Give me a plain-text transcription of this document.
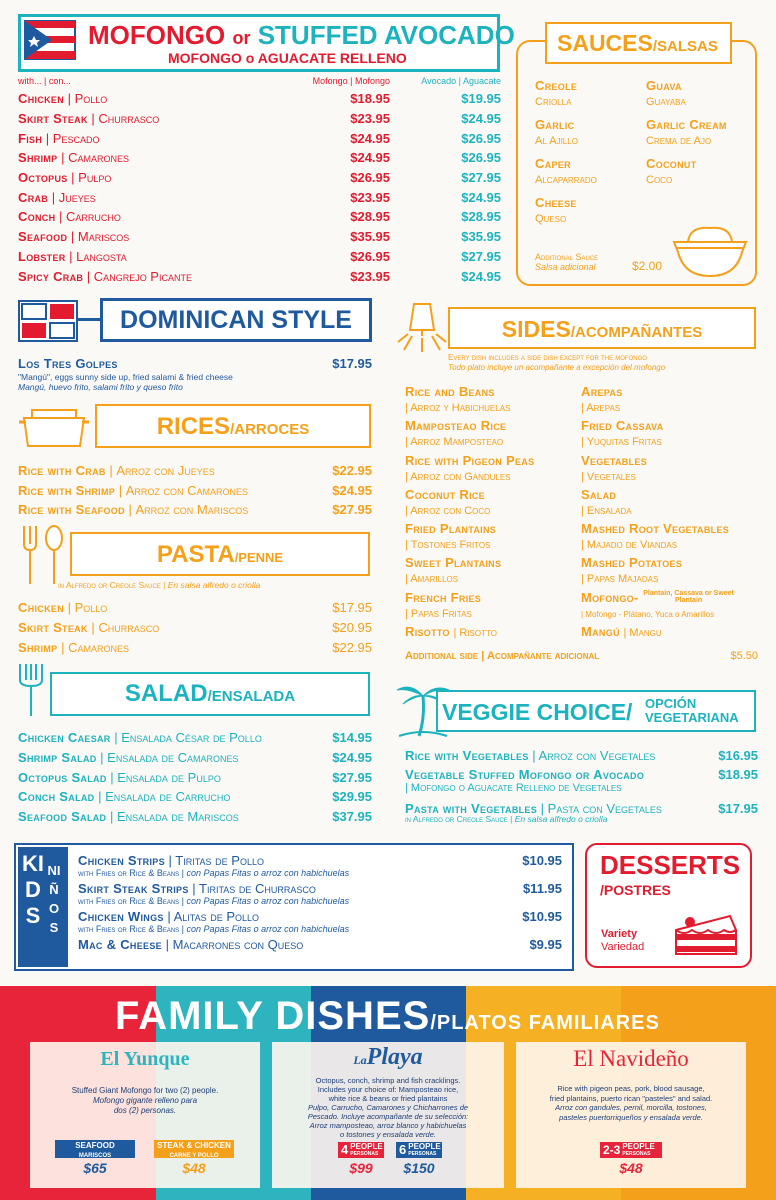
MOFONGO or STUFFED AVOCADO
MOFONGO o AGUACATE RELLENO
with... | con...	Mofongo | Mofongo	Avocado | Aguacate
Chicken | Pollo	$18.95	$19.95
Skirt Steak | Churrasco	$23.95	$24.95
Fish | Pescado	$24.95	$26.95
Shrimp | Camarones	$24.95	$26.95
Octopus | Pulpo	$26.95	$27.95
Crab | Jueyes	$23.95	$24.95
Conch | Carrucho	$28.95	$28.95
Seafood | Mariscos	$35.95	$35.95
Lobster | Langosta	$26.95	$27.95
Spicy Crab | Cangrejo Picante	$23.95	$24.95
SAUCES/SALSAS
Creole
Criolla
Guava
Guayaba
Garlic
Al Ajillo
Garlic Cream
Crema de Ajo
Caper
Alcaparrado
Coconut
Coco
Cheese
Queso
Additional Sauce
Salsa adicional	$2.00
DOMINICAN STYLE
Los Tres Golpes	$17.95
"Mangú", eggs sunny side up, fried salami & fried cheese
Mangú, huevo frito, salami frito y queso frito
RICES/ARROCES
Rice with Crab | Arroz con Jueyes	$22.95
Rice with Shrimp | Arroz con Camarones	$24.95
Rice with Seafood | Arroz con Mariscos	$27.95
PASTA/PENNE
in Alfredo or Creole Sauce | En salsa alfredo o criolla
Chicken | Pollo	$17.95
Skirt Steak | Churrasco	$20.95
Shrimp | Camarones	$22.95
SALAD/ENSALADA
Chicken Caesar | Ensalada César de Pollo	$14.95
Shrimp Salad | Ensalada de Camarones	$24.95
Octopus Salad | Ensalada de Pulpo	$27.95
Conch Salad | Ensalada de Carrucho	$29.95
Seafood Salad | Ensalada de Mariscos	$37.95
SIDES/ACOMPAÑANTES
Every dish includes a side dish except for the mofongo
Todo plato incluye un acompañante a excepción del mofongo
Rice and Beans
| Arroz y Habichuelas
Mamposteao Rice
| Arroz Mamposteao
Rice with Pigeon Peas
| Arroz con Gandules
Coconut Rice
| Arroz con Coco
Fried Plantains
| Tostones Fritos
Sweet Plantains
| Amarillos
French Fries
| Papas Fritas
Risotto | Risotto
Arepas
| Arepas
Fried Cassava
| Yuquitas Fritas
Vegetables
| Vegetales
Salad
| Ensalada
Mashed Root Vegetables
| Majado de Viandas
Mashed Potatoes
| Papas Majadas
Mofongo- Plantain, Cassava or Sweet Plantain
| Mofongo - Plátano, Yuca o Amarillos
Mangú | Mangu
Additional side | Acompañante adicional	$5.50
VEGGIE CHOICE/ OPCIÓN
VEGETARIANA
Rice with Vegetables | Arroz con Vegetales	$16.95
Vegetable Stuffed Mofongo or Avocado	$18.95
| Mofongo o Aguacate Relleno de Vegetales
Pasta with Vegetables | Pasta con Vegetales	$17.95
in Alfredo or Creole Sauce | En salsa alfredo o criolla
KIDS
NIÑOS
Chicken Strips | Tiritas de Pollo	$10.95
with Fries or Rice & Beans | con Papas Fitas o arroz con habichuelas
Skirt Steak Strips | Tiritas de Churrasco	$11.95
with Fries or Rice & Beans | con Papas Fitas o arroz con habichuelas
Chicken Wings | Alitas de Pollo	$10.95
with Fries or Rice & Beans | con Papas Fitas o arroz con habichuelas
Mac & Cheese | Macarrones con Queso	$9.95
DESSERTS
/POSTRES
Variety
Variedad
FAMILY DISHES/PLATOS FAMILIARES
El Yunque
Stuffed Giant Mofongo for two (2) people.
Mofongo gigante relleno para
dos (2) personas.
SEAFOOD
MARISCOS
$65
STEAK & CHICKEN
CARNE Y POLLO
$48
LaPlaya
Octopus, conch, shrimp and fish cracklings.
Includes your choice of: Mamposteao rice,
white rice & beans or fried plantains
Pulpo, Carrucho, Camarones y Chicharrones de
Pescado. Incluye acompañante de su selección:
Arroz mamposteao, arroz blanco y habichuelas
o tostones y ensalada verde.
4 PEOPLE
PERSONAS
$99
6 PEOPLE
PERSONAS
$150
El Navideño
Rice with pigeon peas, pork, blood sausage,
fried plantains, puerto rican "pasteles" and salad.
Arroz con gandules, pernil, morcilla, tostones,
pasteles puertorriqueños y ensalada verde.
2-3 PEOPLE
PERSONAS
$48
